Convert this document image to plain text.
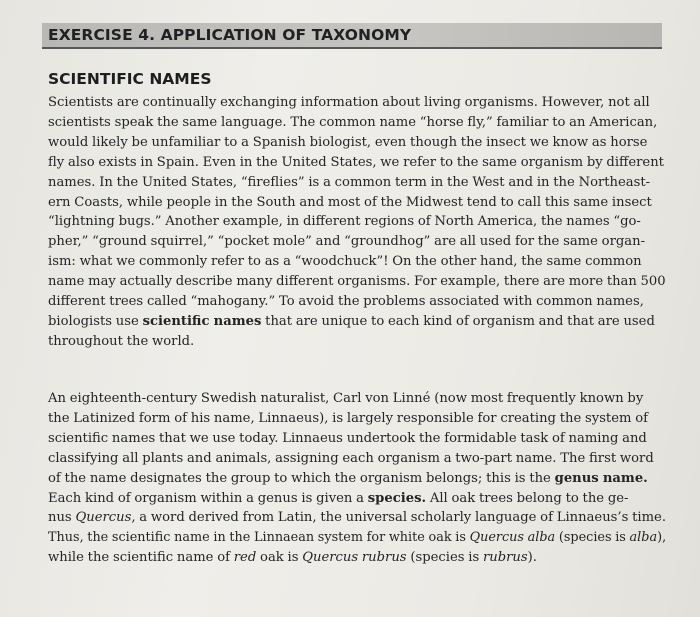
EXERCISE 4. APPLICATION OF TAXONOMY
SCIENTIFIC NAMES
Scientists are continually exchanging information about living organisms. However, not all
scientists speak the same language. The common name “horse fly,” familiar to an American,
would likely be unfamiliar to a Spanish biologist, even though the insect we know as horse
fly also exists in Spain. Even in the United States, we refer to the same organism by different
names. In the United States, “fireflies” is a common term in the West and in the Northeast-
ern Coasts, while people in the South and most of the Midwest tend to call this same insect
“lightning bugs.” Another example, in different regions of North America, the names “go-
pher,” “ground squirrel,” “pocket mole” and “groundhog” are all used for the same organ-
ism: what we commonly refer to as a “woodchuck”! On the other hand, the same common
name may actually describe many different organisms. For example, there are more than 500
different trees called “mahogany.” To avoid the problems associated with common names,
biologists use scientific names that are unique to each kind of organism and that are used
throughout the world.
An eighteenth-century Swedish naturalist, Carl von Linné (now most frequently known by
the Latinized form of his name, Linnaeus), is largely responsible for creating the system of
scientific names that we use today. Linnaeus undertook the formidable task of naming and
classifying all plants and animals, assigning each organism a two-part name. The first word
of the name designates the group to which the organism belongs; this is the genus name.
Each kind of organism within a genus is given a species. All oak trees belong to the ge-
nus Quercus, a word derived from Latin, the universal scholarly language of Linnaeus’s time.
Thus, the scientific name in the Linnaean system for white oak is Quercus alba (species is alba),
while the scientific name of red oak is Quercus rubrus (species is rubrus).
